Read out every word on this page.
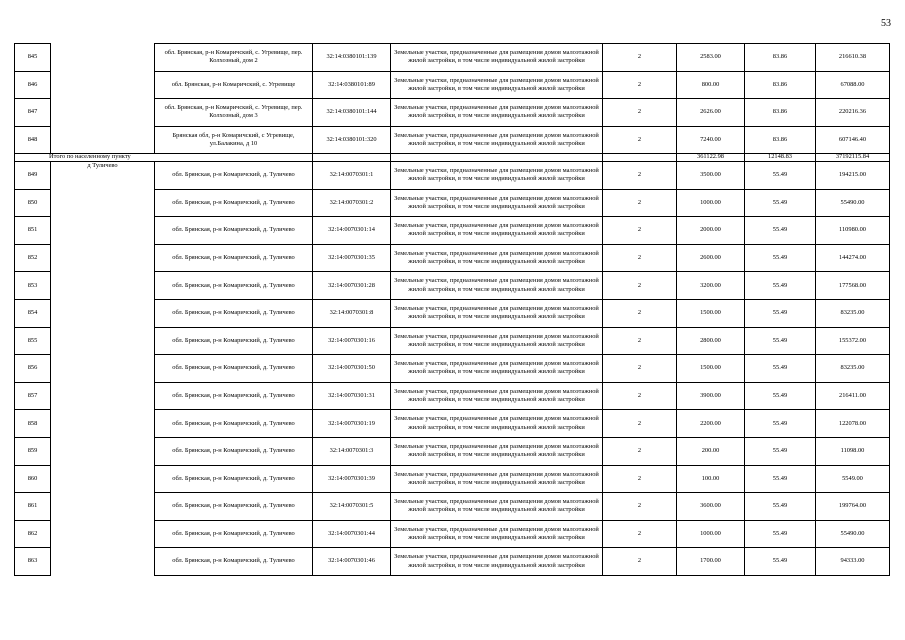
53
845		обл. Брянская, р-н Комаричский, с. Угревище, пер. Колхозный, дом 2	32:14:0380101:139	Земельные участки, предназначенные для размещения домов малоэтажной жилой застройки, в том числе индивидуальной жилой застройки	2	2583.00	83.86	216610.38
846		обл. Брянская, р-н Комаричский, с. Угревище	32:14:0380101:89	Земельные участки, предназначенные для размещения домов малоэтажной жилой застройки, в том числе индивидуальной жилой застройки	2	800.00	83.86	67088.00
847		обл. Брянская, р-н Комаричский, с. Угревище, пер. Колхозный, дом 3	32:14:0380101:144	Земельные участки, предназначенные для размещения домов малоэтажной жилой застройки, в том числе индивидуальной жилой застройки	2	2626.00	83.86	220216.36
848		Брянская обл, р-н Комаричский, с Угревище, ул.Балакина, д 10	32:14:0380101:320	Земельные участки, предназначенные для размещения домов малоэтажной жилой застройки, в том числе индивидуальной жилой застройки	2	7240.00	83.86	607146.40
Итого по населенному пункту						361122.98	12148.83	37192115.84
849	д Туличево	обл. Брянская, р-н Комаричский, д. Туличево	32:14:0070301:1	Земельные участки, предназначенные для размещения домов малоэтажной жилой застройки, в том числе индивидуальной жилой застройки	2	3500.00	55.49	194215.00
850		обл. Брянская, р-н Комаричский, д. Туличево	32:14:0070301:2	Земельные участки, предназначенные для размещения домов малоэтажной жилой застройки, в том числе индивидуальной жилой застройки	2	1000.00	55.49	55490.00
851		обл. Брянская, р-н Комаричский, д. Туличево	32:14:0070301:14	Земельные участки, предназначенные для размещения домов малоэтажной жилой застройки, в том числе индивидуальной жилой застройки	2	2000.00	55.49	110980.00
852		обл. Брянская, р-н Комаричский, д. Туличево	32:14:0070301:35	Земельные участки, предназначенные для размещения домов малоэтажной жилой застройки, в том числе индивидуальной жилой застройки	2	2600.00	55.49	144274.00
853		обл. Брянская, р-н Комаричский, д. Туличево	32:14:0070301:28	Земельные участки, предназначенные для размещения домов малоэтажной жилой застройки, в том числе индивидуальной жилой застройки	2	3200.00	55.49	177568.00
854		обл. Брянская, р-н Комаричский, д. Туличево	32:14:0070301:8	Земельные участки, предназначенные для размещения домов малоэтажной жилой застройки, в том числе индивидуальной жилой застройки	2	1500.00	55.49	83235.00
855		обл. Брянская, р-н Комаричский, д. Туличево	32:14:0070301:16	Земельные участки, предназначенные для размещения домов малоэтажной жилой застройки, в том числе индивидуальной жилой застройки	2	2800.00	55.49	155372.00
856		обл. Брянская, р-н Комаричский, д. Туличево	32:14:0070301:50	Земельные участки, предназначенные для размещения домов малоэтажной жилой застройки, в том числе индивидуальной жилой застройки	2	1500.00	55.49	83235.00
857		обл. Брянская, р-н Комаричский, д. Туличево	32:14:0070301:31	Земельные участки, предназначенные для размещения домов малоэтажной жилой застройки, в том числе индивидуальной жилой застройки	2	3900.00	55.49	216411.00
858		обл. Брянская, р-н Комаричский, д. Туличево	32:14:0070301:19	Земельные участки, предназначенные для размещения домов малоэтажной жилой застройки, в том числе индивидуальной жилой застройки	2	2200.00	55.49	122078.00
859		обл. Брянская, р-н Комаричский, д. Туличево	32:14:0070301:3	Земельные участки, предназначенные для размещения домов малоэтажной жилой застройки, в том числе индивидуальной жилой застройки	2	200.00	55.49	11098.00
860		обл. Брянская, р-н Комаричский, д. Туличево	32:14:0070301:39	Земельные участки, предназначенные для размещения домов малоэтажной жилой застройки, в том числе индивидуальной жилой застройки	2	100.00	55.49	5549.00
861		обл. Брянская, р-н Комаричский, д. Туличево	32:14:0070301:5	Земельные участки, предназначенные для размещения домов малоэтажной жилой застройки, в том числе индивидуальной жилой застройки	2	3600.00	55.49	199764.00
862		обл. Брянская, р-н Комаричский, д. Туличево	32:14:0070301:44	Земельные участки, предназначенные для размещения домов малоэтажной жилой застройки, в том числе индивидуальной жилой застройки	2	1000.00	55.49	55490.00
863		обл. Брянская, р-н Комаричский, д. Туличево	32:14:0070301:46	Земельные участки, предназначенные для размещения домов малоэтажной жилой застройки, в том числе индивидуальной жилой застройки	2	1700.00	55.49	94333.00
